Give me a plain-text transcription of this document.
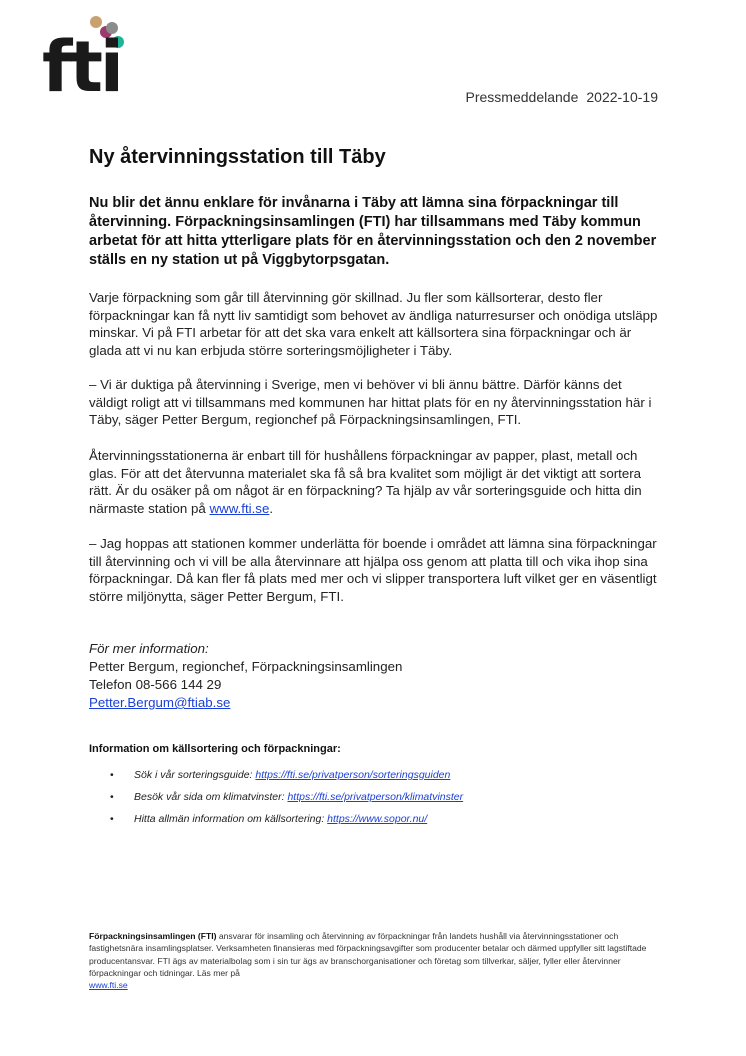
fti	Pressmeddelande 2022-10-19
Ny återvinningsstation till Täby
Nu blir det ännu enklare för invånarna i Täby att lämna sina förpackningar till återvinning. Förpackningsinsamlingen (FTI) har tillsammans med Täby kommun arbetat för att hitta ytterligare plats för en återvinningsstation och den 2 november ställs en ny station ut på Viggbytorpsgatan.
Varje förpackning som går till återvinning gör skillnad. Ju fler som källsorterar, desto fler förpackningar kan få nytt liv samtidigt som behovet av ändliga naturresurser och onödiga utsläpp minskar. Vi på FTI arbetar för att det ska vara enkelt att källsortera sina förpackningar och är glada att vi nu kan erbjuda större sorteringsmöjligheter i Täby.
– Vi är duktiga på återvinning i Sverige, men vi behöver vi bli ännu bättre. Därför känns det väldigt roligt att vi tillsammans med kommunen har hittat plats för en ny återvinningsstation här i Täby, säger Petter Bergum, regionchef på Förpackningsinsamlingen, FTI.
Återvinningsstationerna är enbart till för hushållens förpackningar av papper, plast, metall och glas. För att det återvunna materialet ska få så bra kvalitet som möjligt är det viktigt att sortera rätt. Är du osäker på om något är en förpackning? Ta hjälp av vår sorteringsguide och hitta din närmaste station på www.fti.se.
– Jag hoppas att stationen kommer underlätta för boende i området att lämna sina förpackningar till återvinning och vi vill be alla återvinnare att hjälpa oss genom att platta till och vika ihop sina förpackningar. Då kan fler få plats med mer och vi slipper transportera luft vilket ger en väsentligt större miljönytta, säger Petter Bergum, FTI.
För mer information:
Petter Bergum, regionchef, Förpackningsinsamlingen
Telefon 08-566 144 29
Petter.Bergum@ftiab.se
Information om källsortering och förpackningar:
• Sök i vår sorteringsguide: https://fti.se/privatperson/sorteringsguiden
• Besök vår sida om klimatvinster: https://fti.se/privatperson/klimatvinster
• Hitta allmän information om källsortering: https://www.sopor.nu/
Förpackningsinsamlingen (FTI) ansvarar för insamling och återvinning av förpackningar från landets hushåll via återvinningsstationer och fastighetsnära insamlingsplatser. Verksamheten finansieras med förpackningsavgifter som producenter betalar och därmed uppfyller sitt lagstiftade producentansvar. FTI ägs av materialbolag som i sin tur ägs av branschorganisationer och företag som tillverkar, säljer, fyller eller återvinner förpackningar och tidningar. Läs mer på
www.fti.se
